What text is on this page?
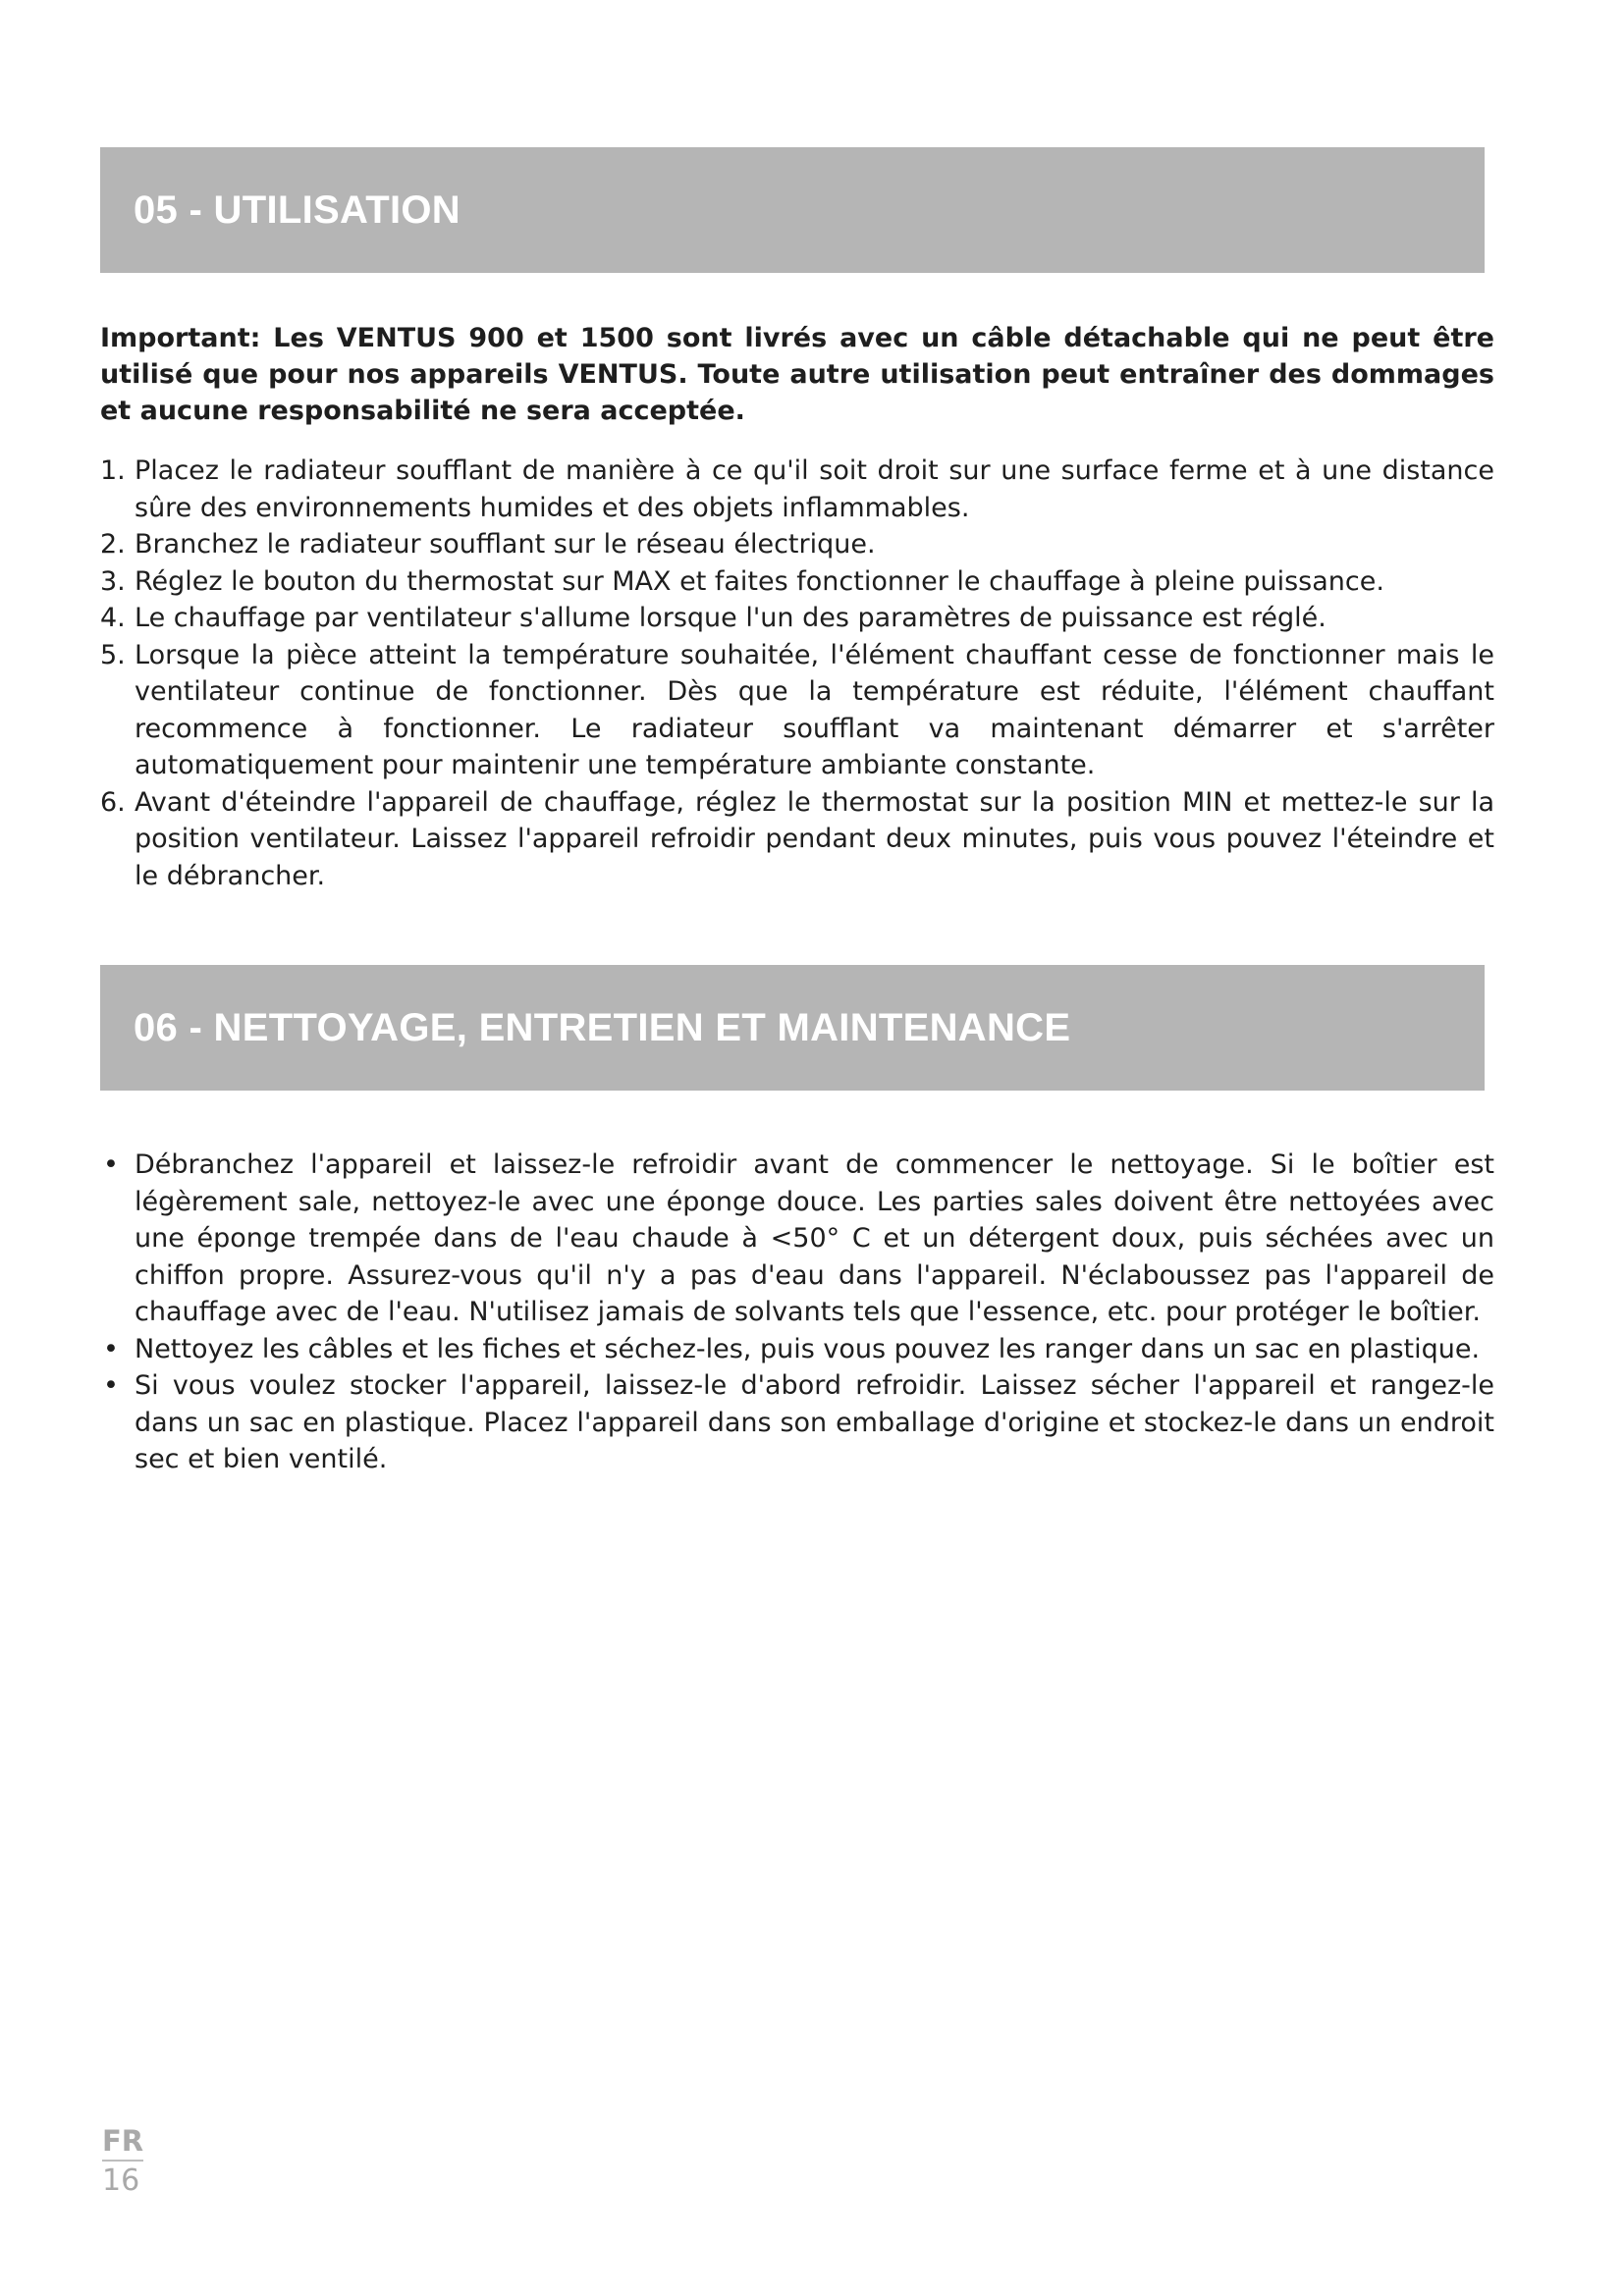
05 - UTILISATION

Important: Les VENTUS 900 et 1500 sont livrés avec un câble détachable qui ne peut être utilisé que pour nos appareils VENTUS. Toute autre utilisation peut entraîner des dommages et aucune responsabilité ne sera acceptée.

1. Placez le radiateur soufflant de manière à ce qu'il soit droit sur une surface ferme et à une distance sûre des environnements humides et des objets inflammables.
2. Branchez le radiateur soufflant sur le réseau électrique.
3. Réglez le bouton du thermostat sur MAX et faites fonctionner le chauffage à pleine puissance.
4. Le chauffage par ventilateur s'allume lorsque l'un des paramètres de puissance est réglé.
5. Lorsque la pièce atteint la température souhaitée, l'élément chauffant cesse de fonctionner mais le ventilateur continue de fonctionner. Dès que la température est réduite, l'élément chauffant recommence à fonctionner. Le radiateur soufflant va maintenant démarrer et s'arrêter automatiquement pour maintenir une température ambiante constante.
6. Avant d'éteindre l'appareil de chauffage, réglez le thermostat sur la position MIN et mettez-le sur la position ventilateur. Laissez l'appareil refroidir pendant deux minutes, puis vous pouvez l'éteindre et le débrancher.
06 - NETTOYAGE, ENTRETIEN ET MAINTENANCE
• Débranchez l'appareil et laissez-le refroidir avant de commencer le nettoyage. Si le boîtier est légèrement sale, nettoyez-le avec une éponge douce. Les parties sales doivent être nettoyées avec une éponge trempée dans de l'eau chaude à <50° C et un détergent doux, puis séchées avec un chiffon propre. Assurez-vous qu'il n'y a pas d'eau dans l'appareil. N'éclaboussez pas l'appareil de chauffage avec de l'eau. N'utilisez jamais de solvants tels que l'essence, etc. pour protéger le boîtier.
• Nettoyez les câbles et les fiches et séchez-les, puis vous pouvez les ranger dans un sac en plastique.
• Si vous voulez stocker l'appareil, laissez-le d'abord refroidir. Laissez sécher l'appareil et rangez-le dans un sac en plastique. Placez l'appareil dans son emballage d'origine et stockez-le dans un endroit sec et bien ventilé.
FR
16
